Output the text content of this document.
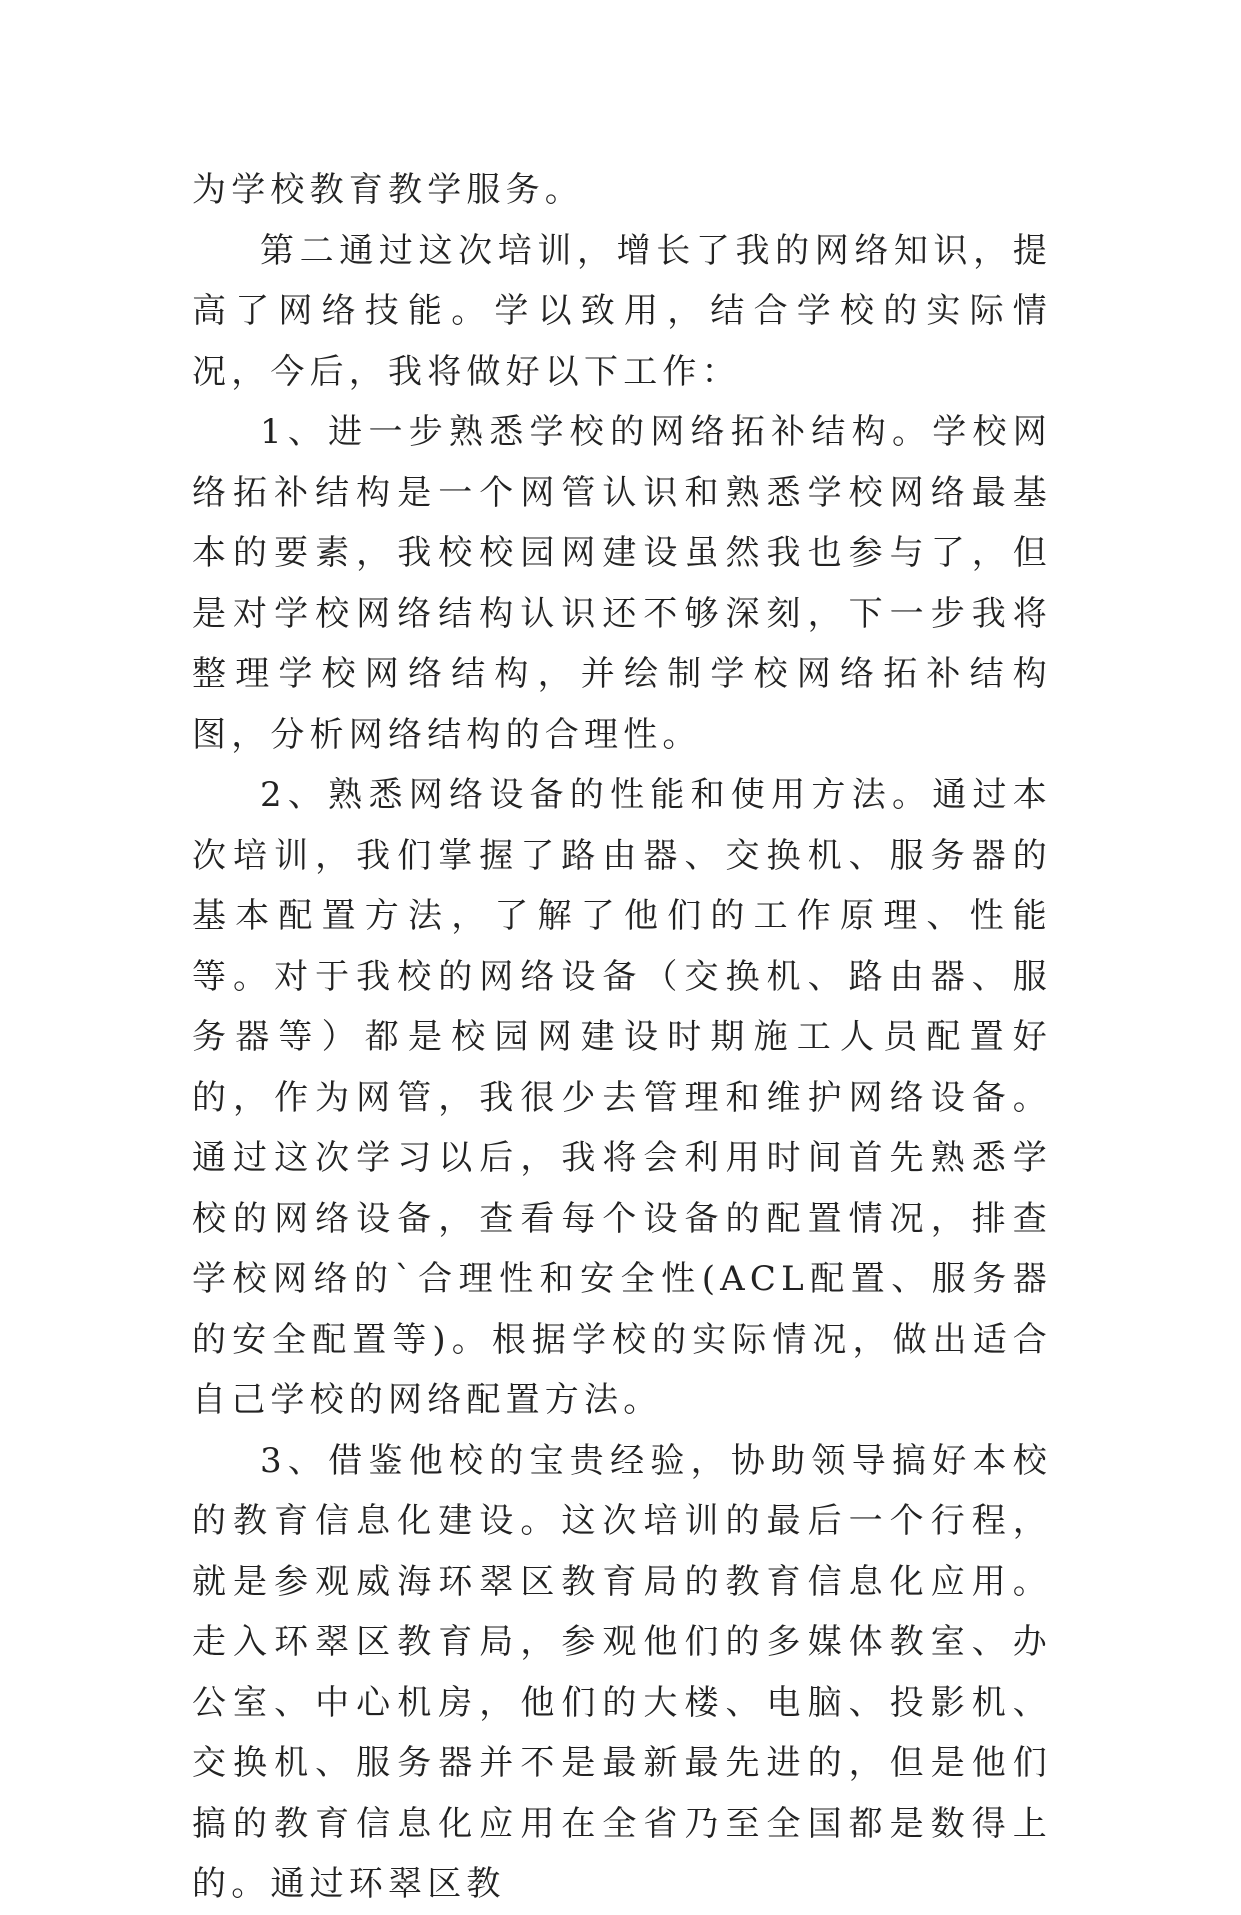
为学校教育教学服务。

第二通过这次培训，增长了我的网络知识，提高了网络技能。学以致用，结合学校的实际情况，今后，我将做好以下工作：

1、进一步熟悉学校的网络拓补结构。学校网络拓补结构是一个网管认识和熟悉学校网络最基本的要素，我校校园网建设虽然我也参与了，但是对学校网络结构认识还不够深刻，下一步我将整理学校网络结构，并绘制学校网络拓补结构图，分析网络结构的合理性。

2、熟悉网络设备的性能和使用方法。通过本次培训，我们掌握了路由器、交换机、服务器的基本配置方法，了解了他们的工作原理、性能等。对于我校的网络设备（交换机、路由器、服务器等）都是校园网建设时期施工人员配置好的，作为网管，我很少去管理和维护网络设备。通过这次学习以后，我将会利用时间首先熟悉学校的网络设备，查看每个设备的配置情况，排查学校网络的`合理性和安全性(ACL配置、服务器的安全配置等)。根据学校的实际情况，做出适合自己学校的网络配置方法。

3、借鉴他校的宝贵经验，协助领导搞好本校的教育信息化建设。这次培训的最后一个行程，就是参观威海环翠区教育局的教育信息化应用。走入环翠区教育局，参观他们的多媒体教室、办公室、中心机房，他们的大楼、电脑、投影机、交换机、服务器并不是最新最先进的，但是他们搞的教育信息化应用在全省乃至全国都是数得上的。通过环翠区教
